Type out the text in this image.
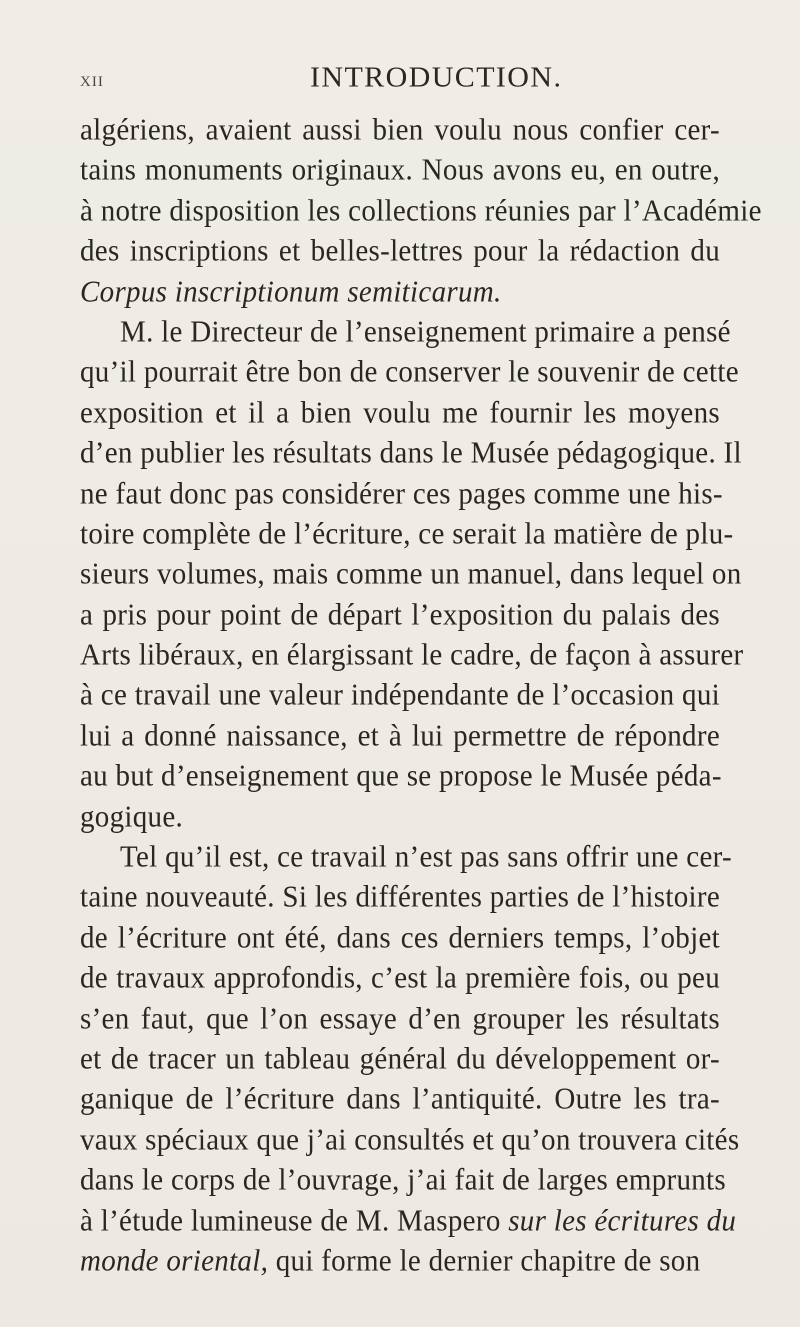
XII	INTRODUCTION.
algériens, avaient aussi bien voulu nous confier cer-
tains monuments originaux. Nous avons eu, en outre,
à notre disposition les collections réunies par l’Académie
des inscriptions et belles-lettres pour la rédaction du
Corpus inscriptionum semiticarum.
M. le Directeur de l’enseignement primaire a pensé
qu’il pourrait être bon de conserver le souvenir de cette
exposition et il a bien voulu me fournir les moyens
d’en publier les résultats dans le Musée pédagogique. Il
ne faut donc pas considérer ces pages comme une his-
toire complète de l’écriture, ce serait la matière de plu-
sieurs volumes, mais comme un manuel, dans lequel on
a pris pour point de départ l’exposition du palais des
Arts libéraux, en élargissant le cadre, de façon à assurer
à ce travail une valeur indépendante de l’occasion qui
lui a donné naissance, et à lui permettre de répondre
au but d’enseignement que se propose le Musée péda-
gogique.
Tel qu’il est, ce travail n’est pas sans offrir une cer-
taine nouveauté. Si les différentes parties de l’histoire
de l’écriture ont été, dans ces derniers temps, l’objet
de travaux approfondis, c’est la première fois, ou peu
s’en faut, que l’on essaye d’en grouper les résultats
et de tracer un tableau général du développement or-
ganique de l’écriture dans l’antiquité. Outre les tra-
vaux spéciaux que j’ai consultés et qu’on trouvera cités
dans le corps de l’ouvrage, j’ai fait de larges emprunts
à l’étude lumineuse de M. Maspero sur les écritures du
monde oriental, qui forme le dernier chapitre de son
